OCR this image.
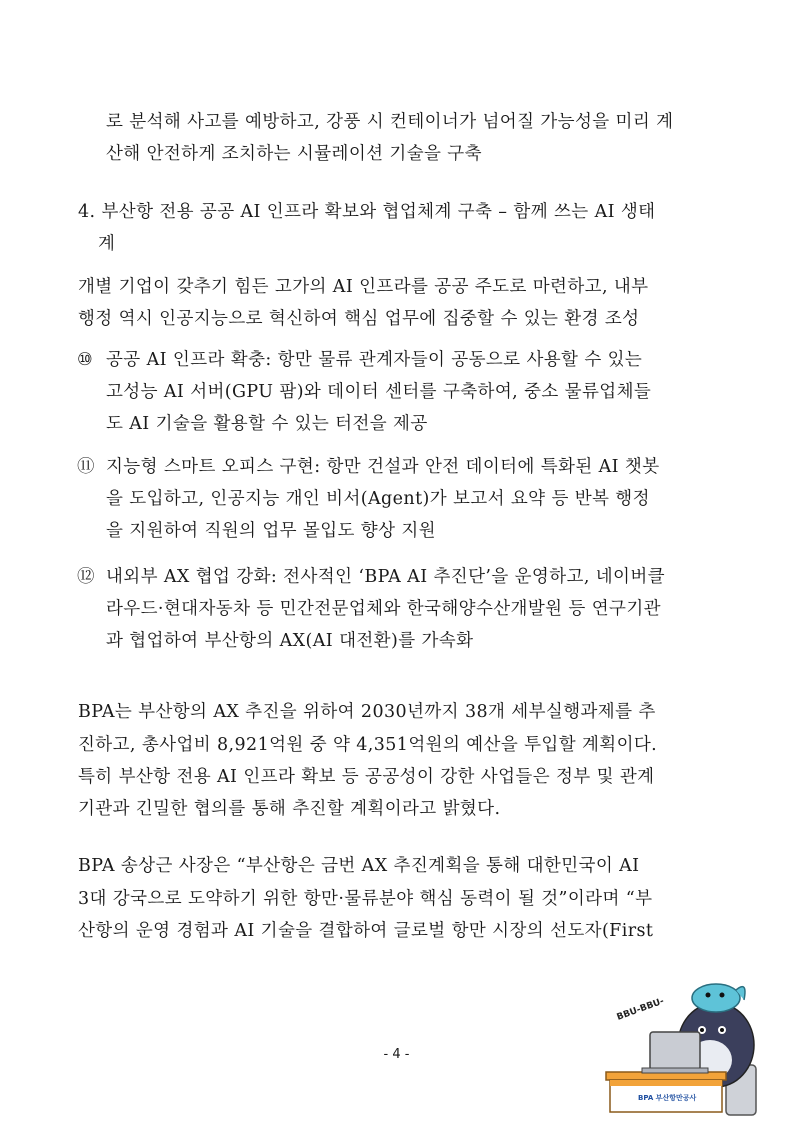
로 분석해 사고를 예방하고, 강풍 시 컨테이너가 넘어질 가능성을 미리 계
산해 안전하게 조치하는 시뮬레이션 기술을 구축
4. 부산항 전용 공공 AI 인프라 확보와 협업체계 구축 – 함께 쓰는 AI 생태
계
개별 기업이 갖추기 힘든 고가의 AI 인프라를 공공 주도로 마련하고, 내부
행정 역시 인공지능으로 혁신하여 핵심 업무에 집중할 수 있는 환경 조성
⑩ 공공 AI 인프라 확충: 항만 물류 관계자들이 공동으로 사용할 수 있는
고성능 AI 서버(GPU 팜)와 데이터 센터를 구축하여, 중소 물류업체들
도 AI 기술을 활용할 수 있는 터전을 제공
⑪ 지능형 스마트 오피스 구현: 항만 건설과 안전 데이터에 특화된 AI 챗봇
을 도입하고, 인공지능 개인 비서(Agent)가 보고서 요약 등 반복 행정
을 지원하여 직원의 업무 몰입도 향상 지원
⑫ 내외부 AX 협업 강화: 전사적인 ‘BPA AI 추진단’을 운영하고, 네이버클
라우드·현대자동차 등 민간전문업체와 한국해양수산개발원 등 연구기관
과 협업하여 부산항의 AX(AI 대전환)를 가속화
BPA는 부산항의 AX 추진을 위하여 2030년까지 38개 세부실행과제를 추
진하고, 총사업비 8,921억원 중 약 4,351억원의 예산을 투입할 계획이다.
특히 부산항 전용 AI 인프라 확보 등 공공성이 강한 사업들은 정부 및 관계
기관과 긴밀한 협의를 통해 추진할 계획이라고 밝혔다.
BPA 송상근 사장은 “부산항은 금번 AX 추진계획을 통해 대한민국이 AI
3대 강국으로 도약하기 위한 항만·물류분야 핵심 동력이 될 것”이라며 “부
산항의 운영 경험과 AI 기술을 결합하여 글로벌 항만 시장의 선도자(First
- 4 -
BBU-BBU-
BPA 부산항만공사
